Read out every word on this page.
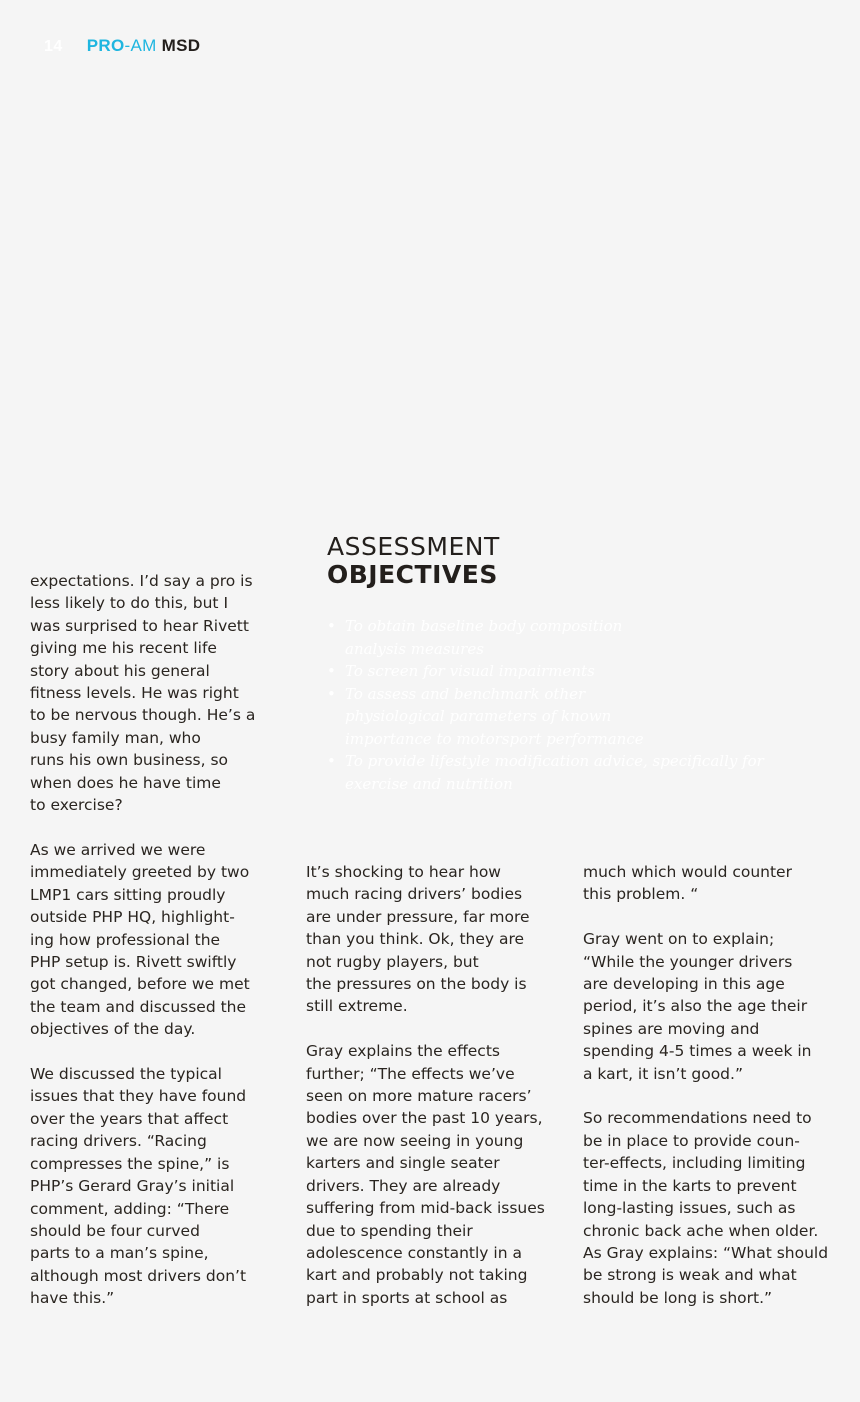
14 PRO-AM MSD

expectations. I’d say a pro is
less likely to do this, but I
was surprised to hear Rivett
giving me his recent life
story about his general
fitness levels. He was right
to be nervous though. He’s a
busy family man, who
runs his own business, so
when does he have time
to exercise?

ASSESSMENT
OBJECTIVES
• To obtain baseline body composition
analysis measures
• To screen for visual impairments
• To assess and benchmark other
physiological parameters of known
importance to motorsport performance
• To provide lifestyle modification advice, specifically for
exercise and nutrition

As we arrived we were
immediately greeted by two
LMP1 cars sitting proudly
outside PHP HQ, highlight-
ing how professional the
PHP setup is. Rivett swiftly
got changed, before we met
the team and discussed the
objectives of the day.

We discussed the typical
issues that they have found
over the years that affect
racing drivers. “Racing
compresses the spine,” is
PHP’s Gerard Gray’s initial
comment, adding: “There
should be four curved
parts to a man’s spine,
although most drivers don’t
have this.”

It’s shocking to hear how
much racing drivers’ bodies
are under pressure, far more
than you think. Ok, they are
not rugby players, but
the pressures on the body is
still extreme.

Gray explains the effects
further; “The effects we’ve
seen on more mature racers’
bodies over the past 10 years,
we are now seeing in young
karters and single seater
drivers. They are already
suffering from mid-back issues
due to spending their
adolescence constantly in a
kart and probably not taking
part in sports at school as

much which would counter
this problem. “

Gray went on to explain;
“While the younger drivers
are developing in this age
period, it’s also the age their
spines are moving and
spending 4-5 times a week in
a kart, it isn’t good.”

So recommendations need to
be in place to provide coun-
ter-effects, including limiting
time in the karts to prevent
long-lasting issues, such as
chronic back ache when older.
As Gray explains: “What should
be strong is weak and what
should be long is short.”
